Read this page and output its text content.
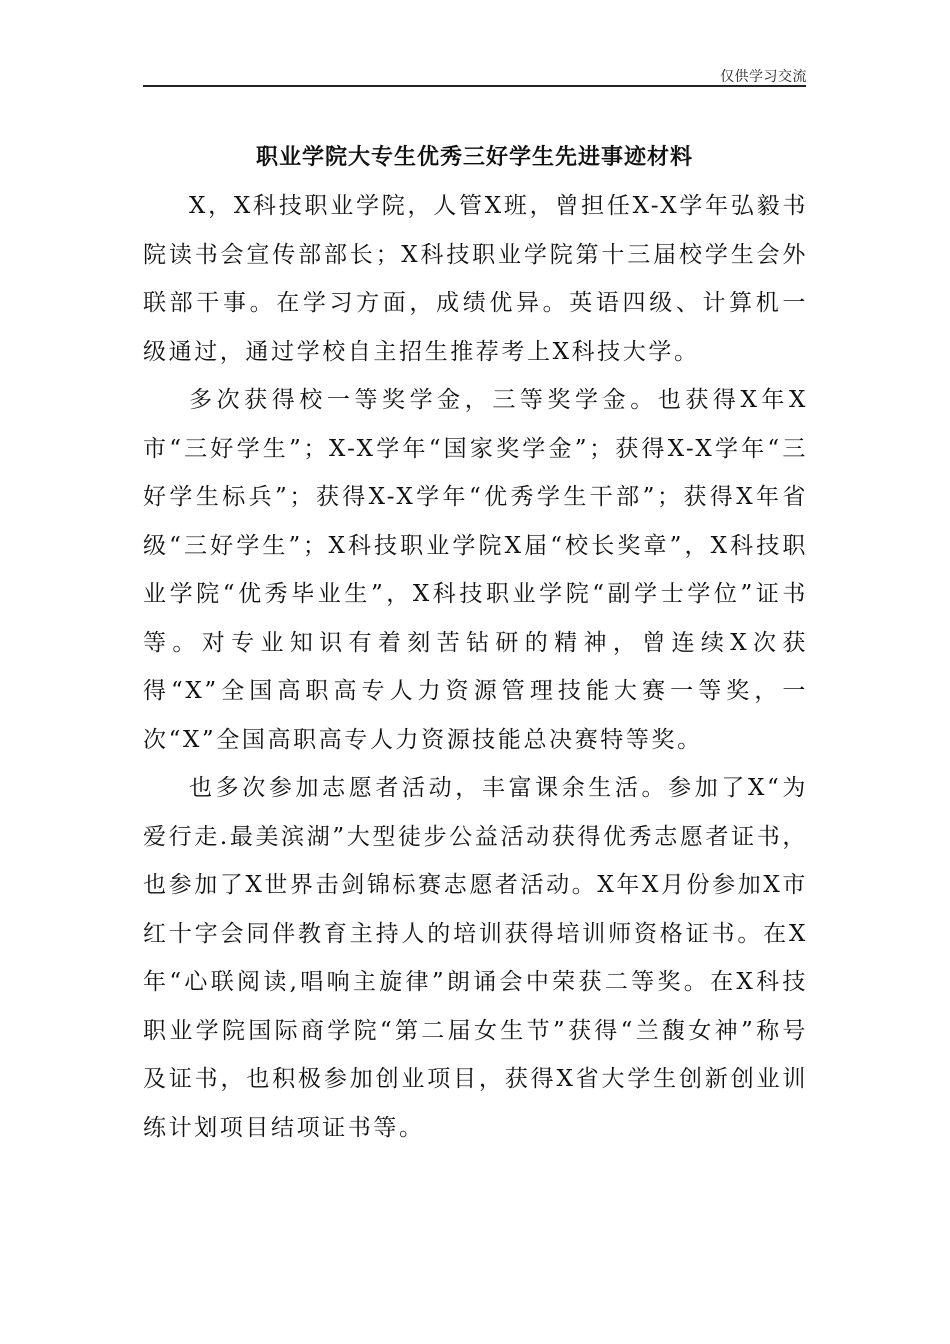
仅供学习交流
职业学院大专生优秀三好学生先进事迹材料

X，X科技职业学院，人管X班，曾担任X-X学年弘毅书院读书会宣传部部长；X科技职业学院第十三届校学生会外联部干事。在学习方面，成绩优异。英语四级、计算机一级通过，通过学校自主招生推荐考上X科技大学。

多次获得校一等奖学金，三等奖学金。也获得X年X市“三好学生”；X-X学年“国家奖学金”；获得X-X学年“三好学生标兵”；获得X-X学年“优秀学生干部”；获得X年省级“三好学生”；X科技职业学院X届“校长奖章”，X科技职业学院“优秀毕业生”，X科技职业学院“副学士学位”证书等。对专业知识有着刻苦钻研的精神，曾连续X次获得“X”全国高职高专人力资源管理技能大赛一等奖，一次“X”全国高职高专人力资源技能总决赛特等奖。

也多次参加志愿者活动，丰富课余生活。参加了X“为爱行走.最美滨湖”大型徒步公益活动获得优秀志愿者证书，也参加了X世界击剑锦标赛志愿者活动。X年X月份参加X市红十字会同伴教育主持人的培训获得培训师资格证书。在X年“心联阅读,唱响主旋律”朗诵会中荣获二等奖。在X科技职业学院国际商学院“第二届女生节”获得“兰馥女神”称号及证书，也积极参加创业项目，获得X省大学生创新创业训练计划项目结项证书等。
